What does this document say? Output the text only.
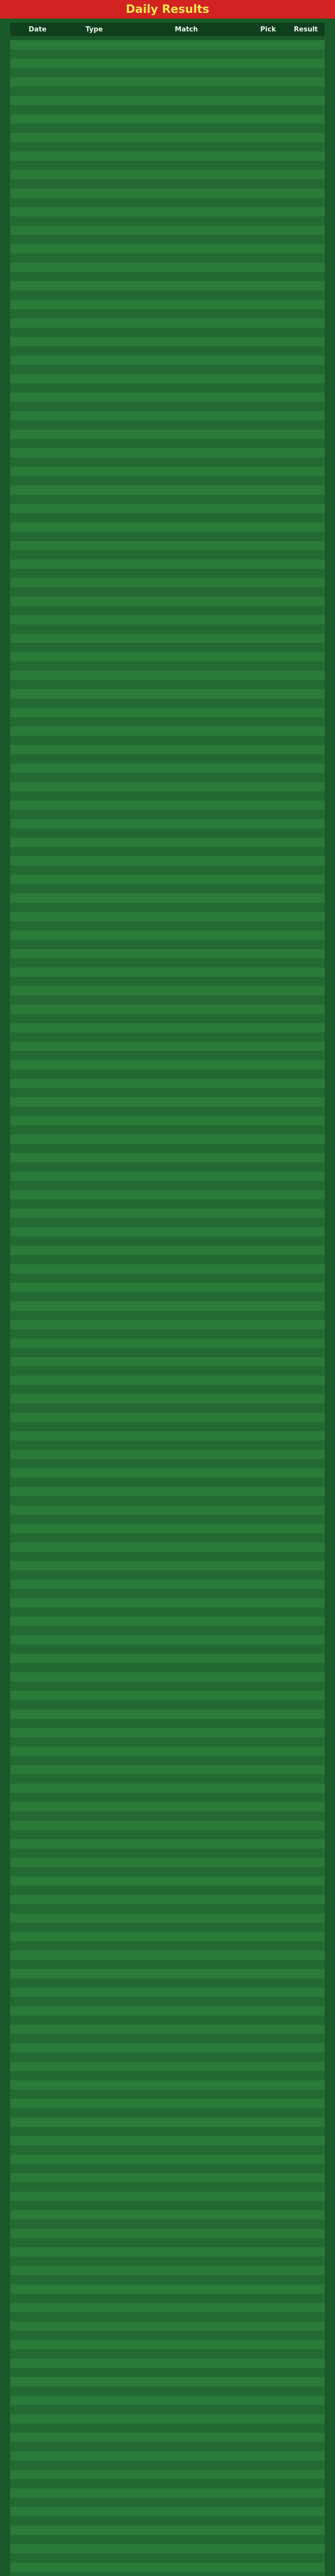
Daily Results
Date	Type	Match	Pick	Result
